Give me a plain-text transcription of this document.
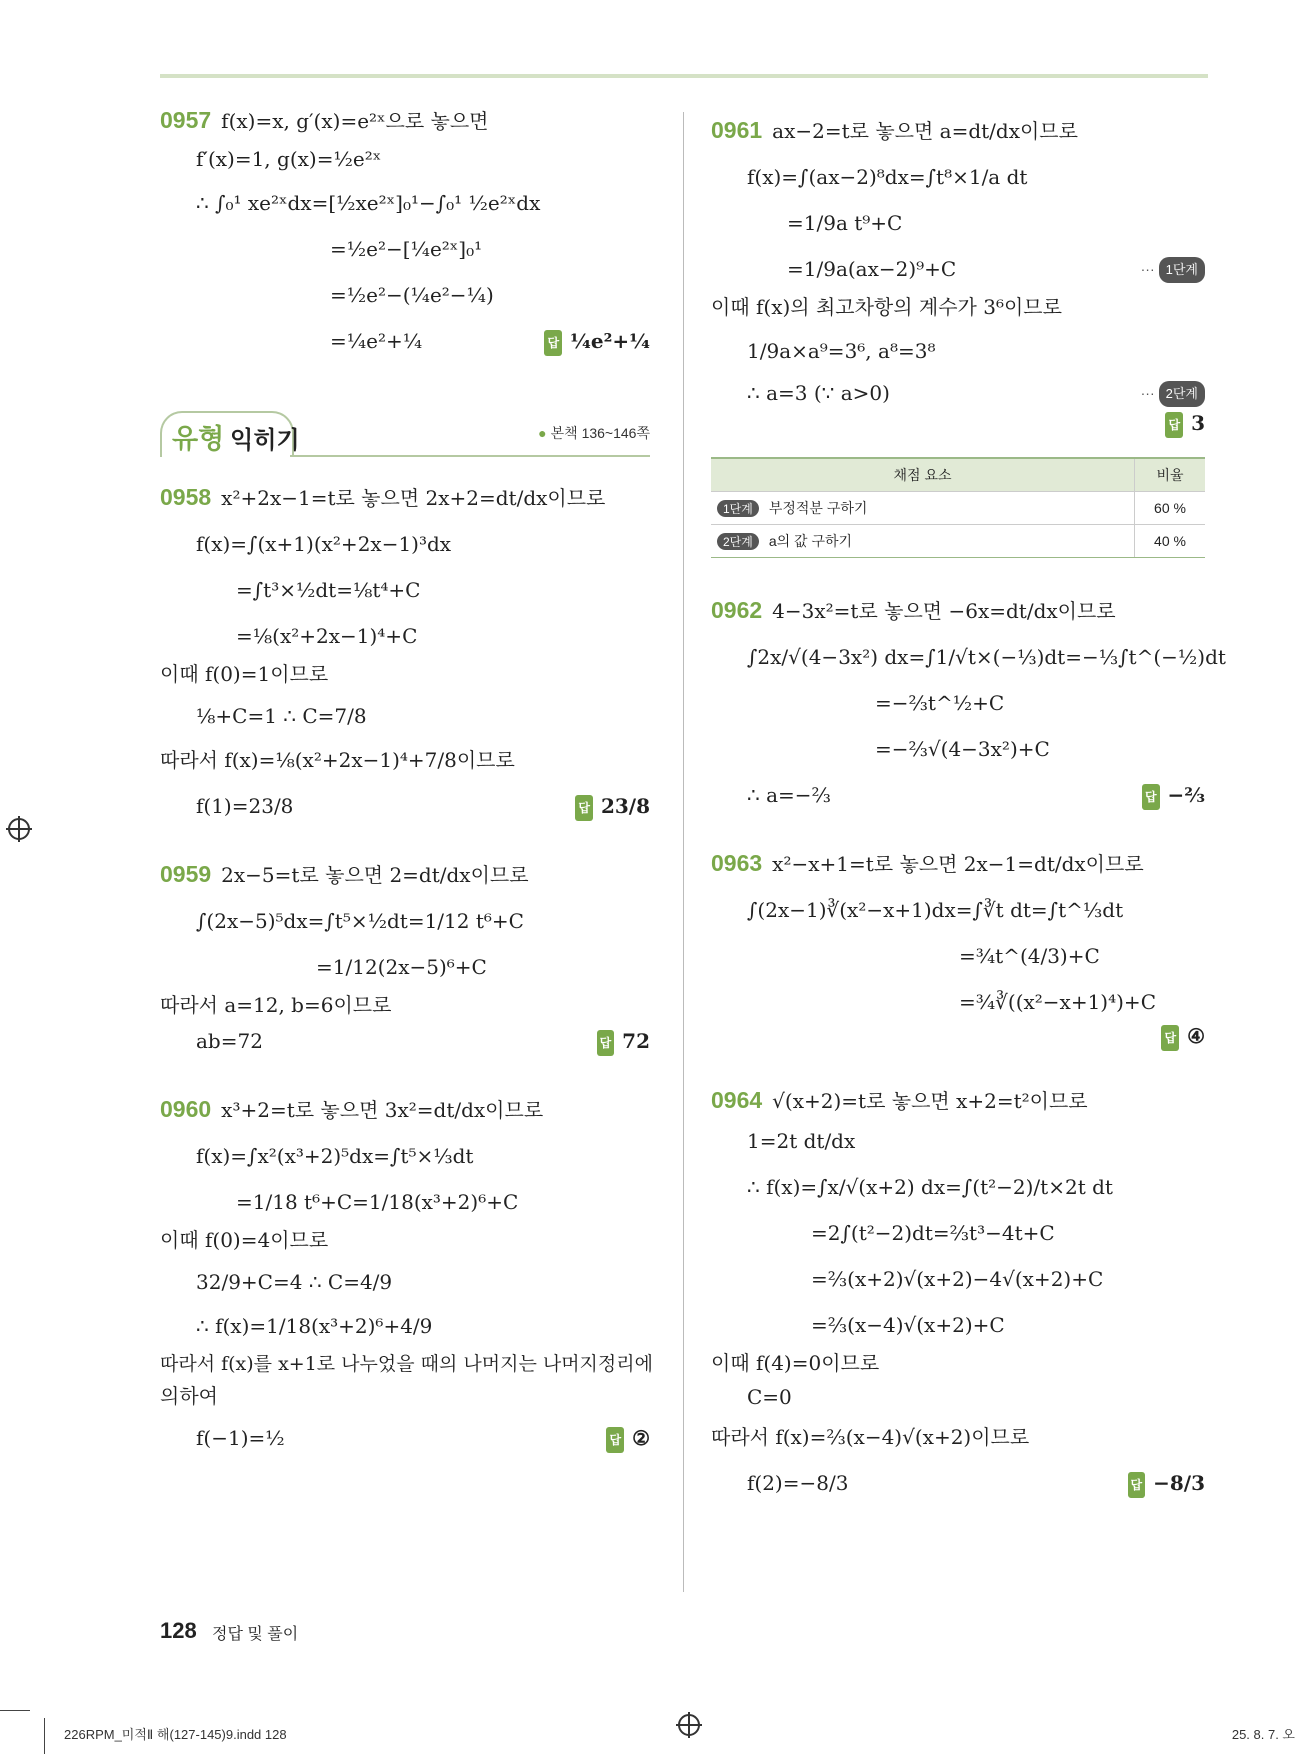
0957 f(x)=x, g′(x)=e²ˣ으로 놓으면

f′(x)=1, g(x)=½e²ˣ

∴ ∫₀¹ xe²ˣdx=[½xe²ˣ]₀¹−∫₀¹ ½e²ˣdx

=½e²−[¼e²ˣ]₀¹

=½e²−(¼e²−¼)

=¼e²+¼	답 ¼e²+¼

유형 익히기	● 본책 136~146쪽

0958 x²+2x−1=t로 놓으면 2x+2=dt/dx이므로

f(x)=∫(x+1)(x²+2x−1)³dx

=∫t³×½dt=⅛t⁴+C

=⅛(x²+2x−1)⁴+C

이때 f(0)=1이므로

⅛+C=1 ∴ C=7/8

따라서 f(x)=⅛(x²+2x−1)⁴+7/8이므로

f(1)=23/8	답 23/8

0959 2x−5=t로 놓으면 2=dt/dx이므로

∫(2x−5)⁵dx=∫t⁵×½dt=1/12 t⁶+C

=1/12(2x−5)⁶+C

따라서 a=12, b=6이므로

ab=72	답 72

0960 x³+2=t로 놓으면 3x²=dt/dx이므로

f(x)=∫x²(x³+2)⁵dx=∫t⁵×⅓dt

=1/18 t⁶+C=1/18(x³+2)⁶+C

이때 f(0)=4이므로

32/9+C=4 ∴ C=4/9

∴ f(x)=1/18(x³+2)⁶+4/9

따라서 f(x)를 x+1로 나누었을 때의 나머지는 나머지정리에

의하여

f(−1)=½	답 ②

0961 ax−2=t로 놓으면 a=dt/dx이므로

f(x)=∫(ax−2)⁸dx=∫t⁸×1/a dt

=1/9a t⁹+C

=1/9a(ax−2)⁹+C	··· 1단계

이때 f(x)의 최고차항의 계수가 3⁶이므로

1/9a×a⁹=3⁶, a⁸=3⁸

∴ a=3 (∵ a>0)	··· 2단계

답 3

채점 요소	비율
1단계 부정적분 구하기	60 %
2단계 a의 값 구하기	40 %

0962 4−3x²=t로 놓으면 −6x=dt/dx이므로

∫2x/√(4−3x²) dx=∫1/√t×(−⅓)dt=−⅓∫t^(−½)dt

=−⅔t^½+C

=−⅔√(4−3x²)+C

∴ a=−⅔	답 −⅔

0963 x²−x+1=t로 놓으면 2x−1=dt/dx이므로

∫(2x−1)∛(x²−x+1)dx=∫∛t dt=∫t^⅓dt

=¾t^(4/3)+C

=¾∛((x²−x+1)⁴)+C

답 ④

0964 √(x+2)=t로 놓으면 x+2=t²이므로

1=2t dt/dx

∴ f(x)=∫x/√(x+2) dx=∫(t²−2)/t×2t dt

=2∫(t²−2)dt=⅔t³−4t+C

=⅔(x+2)√(x+2)−4√(x+2)+C

=⅔(x−4)√(x+2)+C

이때 f(4)=0이므로

C=0

따라서 f(x)=⅔(x−4)√(x+2)이므로

f(2)=−8/3	답 −8/3

128 정답 및 풀이
226RPM_미적Ⅱ 해(127-145)9.indd 128	25. 8. 7. 오
